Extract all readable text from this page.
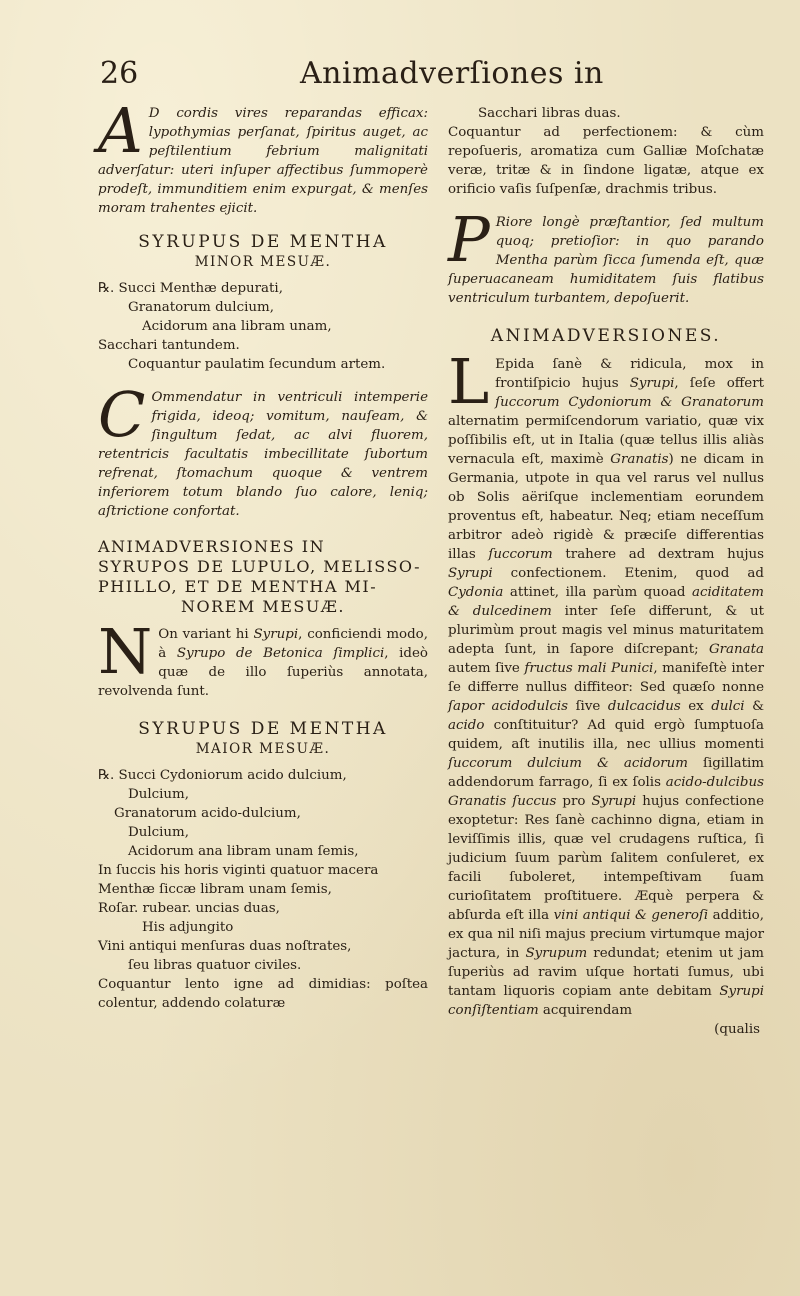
26	Animadverſiones in

A D cordis vires reparandas efficax: lypothymias perſanat, ſpiritus auget, ac peſtilentium febrium malignitati adverſatur: uteri inſuper affectibus ſummoperè prodeſt, immunditiem enim expurgat, & menſes moram trahentes ejicit.

SYRUPUS DE MENTHA
MINOR MESUÆ.
℞. Succi Menthæ depurati,
Granatorum dulcium,
Acidorum ana libram unam,
Sacchari tantundem.
Coquantur paulatim ſecundum artem.

C Ommendatur in ventriculi intemperie frigida, ideoq; vomitum, nauſeam, & ſingultum ſedat, ac alvi fluorem, retentricis facultatis imbecillitate ſubortum refrenat, ſtomachum quoque & ventrem inferiorem totum blando ſuo calore, leniq; aſtrictione confortat.

ANIMADVERSIONES IN
SYRUPOS DE LUPULO, MELISSO-
PHILLO, ET DE MENTHA MI-
NOREM MESUÆ.

N On variant hi Syrupi, conficiendi modo, à Syrupo de Betonica ſimplici, ideò quæ de illo ſuperiùs annotata, revolvenda ſunt.

SYRUPUS DE MENTHA
MAIOR MESUÆ.
℞. Succi Cydoniorum acido dulcium,
Dulcium,
Granatorum acido-dulcium,
Dulcium,
Acidorum ana libram unam ſemis,
In ſuccis his horis viginti quatuor macera
Menthæ ſiccæ libram unam ſemis,
Roſar. rubear. uncias duas,
His adjungito
Vini antiqui menſuras duas noſtrates,
ſeu libras quatuor civiles.
Coquantur lento igne ad dimidias: poſtea colentur, addendo colaturæ

Sacchari libras duas.

Coquantur ad perfectionem: & cùm repoſueris, aromatiza cum Galliæ Moſchatæ veræ, tritæ & in ſindone ligatæ, atque ex orificio vaſis ſuſpenſæ, drachmis tribus.

P Riore longè præſtantior, ſed multum quoq; pretioſior: in quo parando Mentha parùm ſicca ſumenda eſt, quæ ſuperuacaneam humiditatem ſuis flatibus ventriculum turbantem, depoſuerit.

ANIMADVERSIONES.

L Epida ſanè & ridicula, mox in frontiſpicio hujus Syrupi, ſeſe offert ſuccorum Cydoniorum & Granatorum alternatim permiſcendorum variatio, quæ vix poſſibilis eſt, ut in Italia (quæ tellus illis aliàs vernacula eſt, maximè Granatis) ne dicam in Germania, utpote in qua vel rarus vel nullus ob Solis aëriſque inclementiam eorundem proventus eſt, habeatur. Neq; etiam neceſſum arbitror adeò rigidè & præciſe differentias illas ſuccorum trahere ad dextram hujus Syrupi confectionem. Etenim, quod ad Cydonia attinet, illa parùm quoad aciditatem & dulcedinem inter ſeſe differunt, & ut plurimùm prout magis vel minus maturitatem adepta ſunt, in ſapore diſcrepant; Granata autem ſive fructus mali Punici, manifeſtè inter ſe differre nullus diffiteor: Sed quæſo nonne ſapor acidodulcis ſive dulcacidus ex dulci & acido conſtituitur? Ad quid ergò ſumptuoſa quidem, aſt inutilis illa, nec ullius momenti ſuccorum dulcium & acidorum ſigillatim addendorum farrago, ſi ex ſolis acido-dulcibus Granatis ſuccus pro Syrupi hujus confectione exoptetur: Res ſanè cachinno digna, etiam in leviſſimis illis, quæ vel crudagens ruſtica, ſi judicium ſuum parùm ſalitem conſuleret, ex facili ſuboleret, intempeſtivam ſuam curioſitatem proſtituere. Æquè perpera & abſurda eſt illa vini antiqui & generoſi additio, ex qua nil niſi majus precium virtumque major jactura, in Syrupum redundat; etenim ut jam ſuperiùs ad ravim uſque hortati ſumus, ubi tantam liquoris copiam ante debitam Syrupi conſiſtentiam acquirendam

(qualis
